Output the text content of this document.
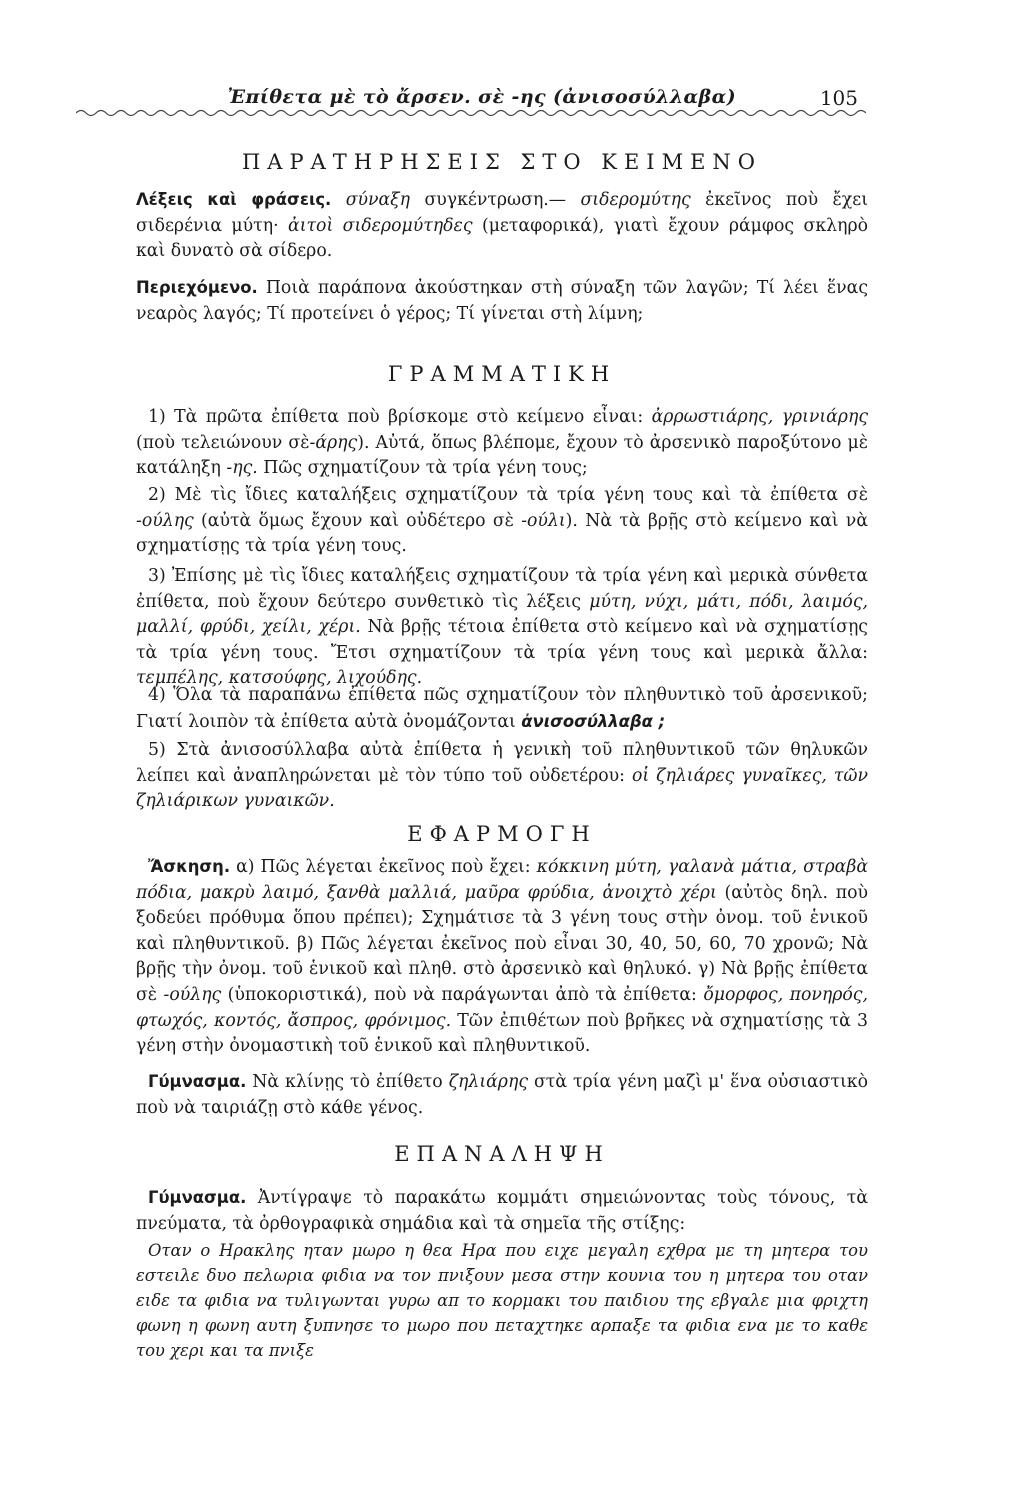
Ἐπίθετα μὲ τὸ ἄρσεν. σὲ -ης (ἀνισοσύλλαβα)	105
ΠΑΡΑΤΗΡΗΣΕΙΣ ΣΤΟ ΚΕΙΜΕΝΟ
Λέξεις καὶ φράσεις. σύναξη συγκέντρωση.— σιδερομύτης ἐκεῖνος ποὺ ἔχει σιδερένια μύτη· ἀιτοὶ σιδερομύτηδες (μεταφορικά), γιατὶ ἔχουν ράμφος σκληρὸ καὶ δυνατὸ σὰ σίδερο.
Περιεχόμενο. Ποιὰ παράπονα ἀκούστηκαν στὴ σύναξη τῶν λαγῶν; Τί λέει ἕνας νεαρὸς λαγός; Τί προτείνει ὁ γέρος; Τί γίνεται στὴ λίμνη;
ΓΡΑΜΜΑΤΙΚΗ
1) Τὰ πρῶτα ἐπίθετα ποὺ βρίσκομε στὸ κείμενο εἶναι: ἀρρωστιάρης, γρινιάρης (ποὺ τελειώνουν σὲ-άρης). Αὐτά, ὅπως βλέπομε, ἔχουν τὸ ἀρσενικὸ παροξύτονο μὲ κατάληξη -ης. Πῶς σχηματίζουν τὰ τρία γένη τους;
2) Μὲ τὶς ἴδιες καταλήξεις σχηματίζουν τὰ τρία γένη τους καὶ τὰ ἐπίθετα σὲ -ούλης (αὐτὰ ὅμως ἔχουν καὶ οὐδέτερο σὲ -ούλι). Νὰ τὰ βρῇς στὸ κείμενο καὶ νὰ σχηματίσῃς τὰ τρία γένη τους.
3) Ἐπίσης μὲ τὶς ἴδιες καταλήξεις σχηματίζουν τὰ τρία γένη καὶ μερικὰ σύνθετα ἐπίθετα, ποὺ ἔχουν δεύτερο συνθετικὸ τὶς λέξεις μύτη, νύχι, μάτι, πόδι, λαιμός, μαλλί, φρύδι, χείλι, χέρι. Νὰ βρῇς τέτοια ἐπίθετα στὸ κείμενο καὶ νὰ σχηματίσῃς τὰ τρία γένη τους. Ἔτσι σχηματίζουν τὰ τρία γένη τους καὶ μερικὰ ἄλλα: τεμπέλης, κατσούφης, λιχούδης.
4) Ὅλα τὰ παραπάνω ἐπίθετα πῶς σχηματίζουν τὸν πληθυντικὸ τοῦ ἀρσενικοῦ; Γιατί λοιπὸν τὰ ἐπίθετα αὐτὰ ὀνομάζονται ἀνισοσύλλαβα ;
5) Στὰ ἀνισοσύλλαβα αὐτὰ ἐπίθετα ἡ γενικὴ τοῦ πληθυντικοῦ τῶν θηλυκῶν λείπει καὶ ἀναπληρώνεται μὲ τὸν τύπο τοῦ οὐδετέρου: οἱ ζηλιάρες γυναῖκες, τῶν ζηλιάρικων γυναικῶν.
ΕΦΑΡΜΟΓΗ
Ἄσκηση. α) Πῶς λέγεται ἐκεῖνος ποὺ ἔχει: κόκκινη μύτη, γαλανὰ μάτια, στραβὰ πόδια, μακρὺ λαιμό, ξανθὰ μαλλιά, μαῦρα φρύδια, ἀνοιχτὸ χέρι (αὐτὸς δηλ. ποὺ ξοδεύει πρόθυμα ὅπου πρέπει); Σχημάτισε τὰ 3 γένη τους στὴν ὀνομ. τοῦ ἑνικοῦ καὶ πληθυντικοῦ. β) Πῶς λέγεται ἐκεῖνος ποὺ εἶναι 30, 40, 50, 60, 70 χρονῶ; Νὰ βρῇς τὴν ὀνομ. τοῦ ἑνικοῦ καὶ πληθ. στὸ ἀρσενικὸ καὶ θηλυκό. γ) Νὰ βρῇς ἐπίθετα σὲ -ούλης (ὑποκοριστικά), ποὺ νὰ παράγωνται ἀπὸ τὰ ἐπίθετα: ὄμορφος, πονηρός, φτωχός, κοντός, ἄσπρος, φρόνιμος. Τῶν ἐπιθέτων ποὺ βρῆκες νὰ σχηματίσῃς τὰ 3 γένη στὴν ὀνομαστικὴ τοῦ ἑνικοῦ καὶ πληθυντικοῦ.
Γύμνασμα. Νὰ κλίνῃς τὸ ἐπίθετο ζηλιάρης στὰ τρία γένη μαζὶ μ' ἕνα οὐσιαστικὸ ποὺ νὰ ταιριάζῃ στὸ κάθε γένος.
ΕΠΑΝΑΛΗΨΗ
Γύμνασμα. Ἀντίγραψε τὸ παρακάτω κομμάτι σημειώνοντας τοὺς τόνους, τὰ πνεύματα, τὰ ὀρθογραφικὰ σημάδια καὶ τὰ σημεῖα τῆς στίξης:
Οταν ο Ηρακλης ηταν μωρο η θεα Ηρα που ειχε μεγαλη εχθρα με τη μητερα του εστειλε δυο πελωρια φιδια να τον πνιξουν μεσα στην κουνια του η μητερα του οταν ειδε τα φιδια να τυλιγωνται γυρω απ το κορμακι του παιδιου της εβγαλε μια φριχτη φωνη η φωνη αυτη ξυπνησε το μωρο που πεταχτηκε αρπαξε τα φιδια ενα με το καθε του χερι και τα πνιξε
